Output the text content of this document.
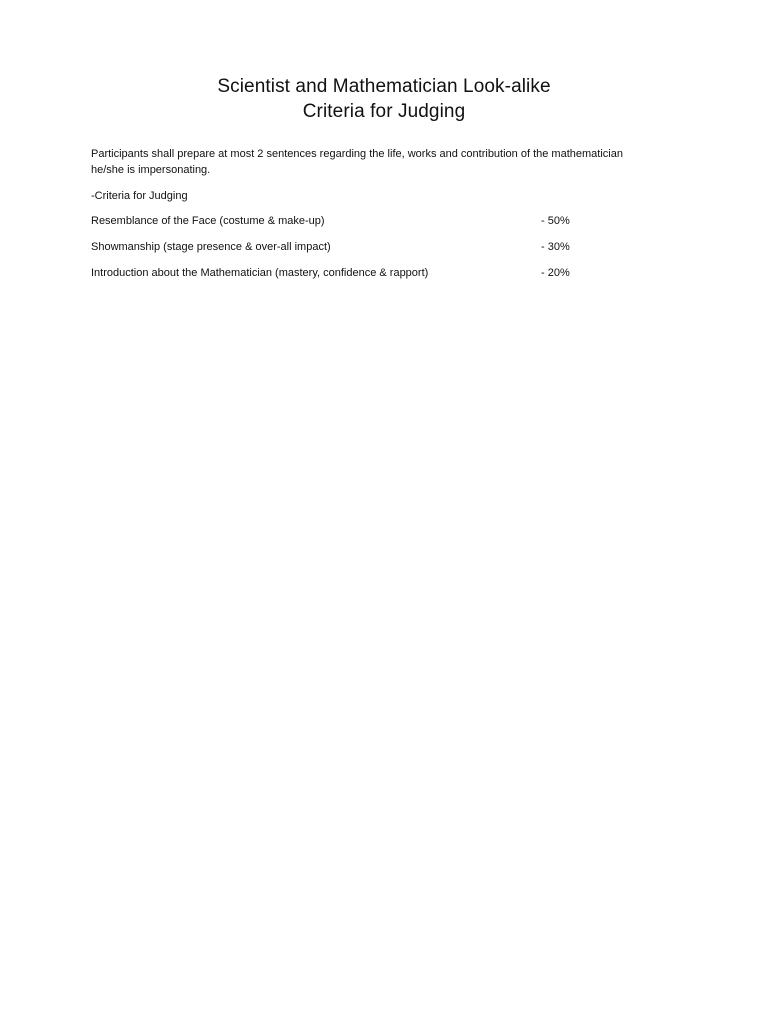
Scientist and Mathematician Look-alike
Criteria for Judging
Participants shall prepare at most 2 sentences regarding the life, works and contribution of the mathematician he/she is impersonating.
-Criteria for Judging
Resemblance of the Face (costume & make-up)	- 50%
Showmanship (stage presence & over-all impact)	- 30%
Introduction about the Mathematician (mastery, confidence & rapport)	- 20%
